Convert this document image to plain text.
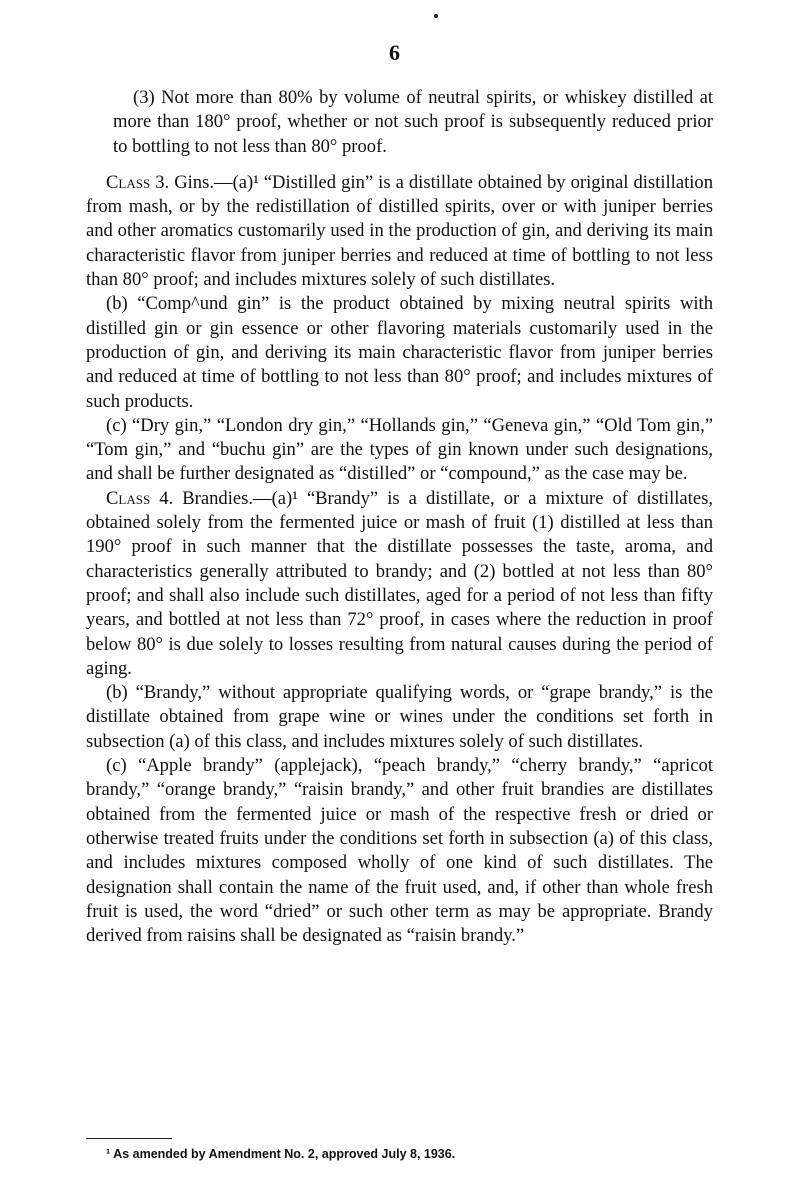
6

(3) Not more than 80% by volume of neutral spirits, or whiskey distilled at more than 180° proof, whether or not such proof is subsequently reduced prior to bottling to not less than 80° proof.

Class 3. Gins.—(a)¹ “Distilled gin” is a distillate obtained by original distillation from mash, or by the redistillation of distilled spirits, over or with juniper berries and other aromatics customarily used in the production of gin, and deriving its main characteristic flavor from juniper berries and reduced at time of bottling to not less than 80° proof; and includes mixtures solely of such distillates.

(b) “Comp^und gin” is the product obtained by mixing neutral spirits with distilled gin or gin essence or other flavoring materials customarily used in the production of gin, and deriving its main characteristic flavor from juniper berries and reduced at time of bottling to not less than 80° proof; and includes mixtures of such products.

(c) “Dry gin,” “London dry gin,” “Hollands gin,” “Geneva gin,” “Old Tom gin,” “Tom gin,” and “buchu gin” are the types of gin known under such designations, and shall be further designated as “distilled” or “compound,” as the case may be.

Class 4. Brandies.—(a)¹ “Brandy” is a distillate, or a mixture of distillates, obtained solely from the fermented juice or mash of fruit (1) distilled at less than 190° proof in such manner that the distillate possesses the taste, aroma, and characteristics generally attributed to brandy; and (2) bottled at not less than 80° proof; and shall also include such distillates, aged for a period of not less than fifty years, and bottled at not less than 72° proof, in cases where the reduction in proof below 80° is due solely to losses resulting from natural causes during the period of aging.

(b) “Brandy,” without appropriate qualifying words, or “grape brandy,” is the distillate obtained from grape wine or wines under the conditions set forth in subsection (a) of this class, and includes mixtures solely of such distillates.

(c) “Apple brandy” (applejack), “peach brandy,” “cherry brandy,” “apricot brandy,” “orange brandy,” “raisin brandy,” and other fruit brandies are distillates obtained from the fermented juice or mash of the respective fresh or dried or otherwise treated fruits under the conditions set forth in subsection (a) of this class, and includes mixtures composed wholly of one kind of such distillates. The designation shall contain the name of the fruit used, and, if other than whole fresh fruit is used, the word “dried” or such other term as may be appropriate. Brandy derived from raisins shall be designated as “raisin brandy.”

¹ As amended by Amendment No. 2, approved July 8, 1936.
